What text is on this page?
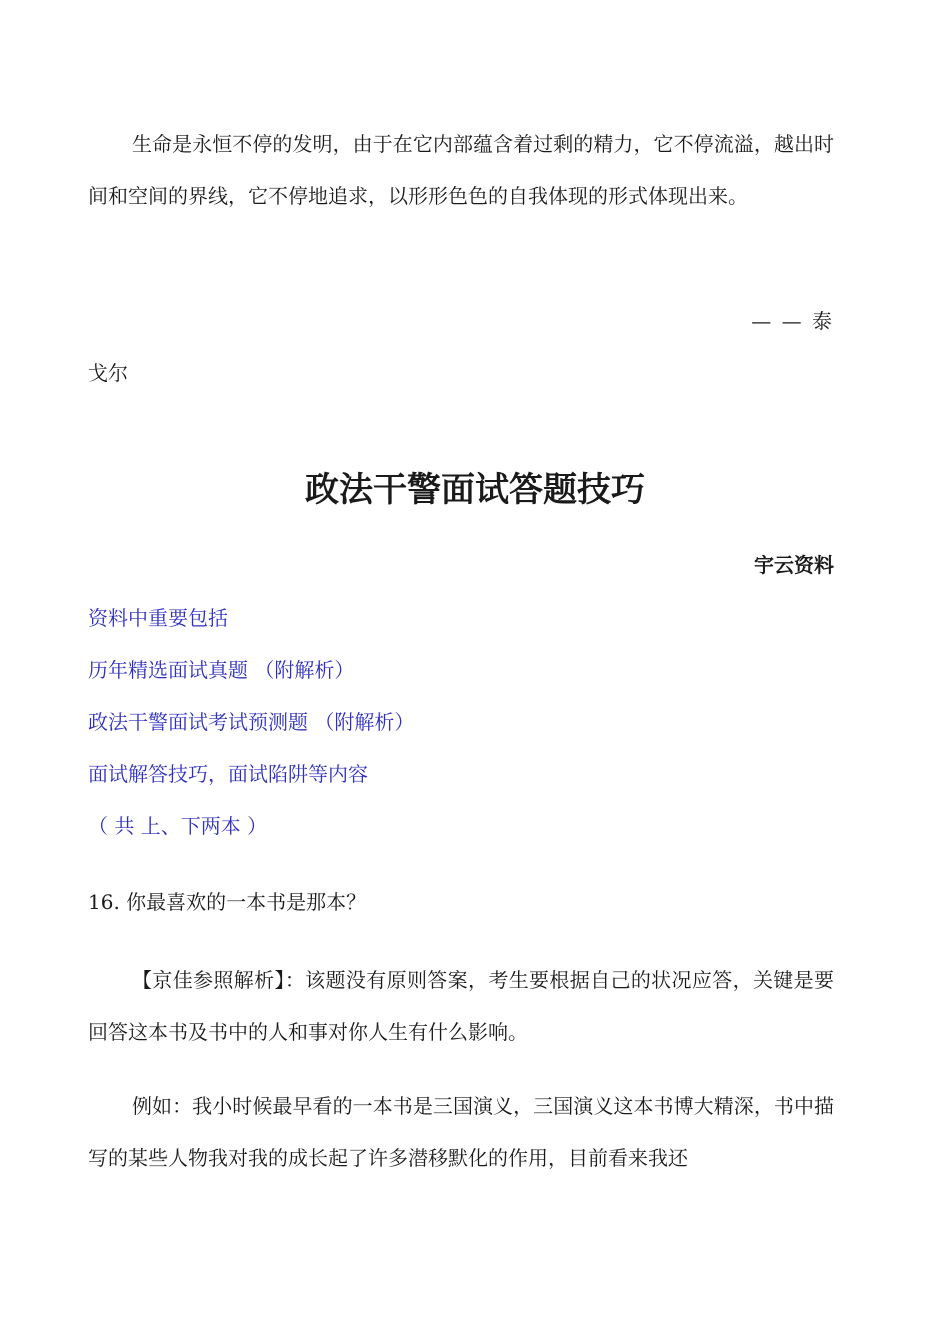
生命是永恒不停的发明，由于在它内部蕴含着过剩的精力，它不停流溢，越出时间和空间的界线，它不停地追求，以形形色色的自我体现的形式体现出来。

— — 泰
戈尔
政法干警面试答题技巧
宇云资料
资料中重要包括
历年精选面试真题 （附解析）
政法干警面试考试预测题 （附解析）
面试解答技巧，面试陷阱等内容
（ 共 上、下两本 ）

16. 你最喜欢的一本书是那本？

【京佳参照解析】：该题没有原则答案，考生要根据自己的状况应答，关键是要回答这本书及书中的人和事对你人生有什么影响。

例如：我小时候最早看的一本书是三国演义，三国演义这本书博大精深，书中描写的某些人物我对我的成长起了许多潜移默化的作用，目前看来我还
